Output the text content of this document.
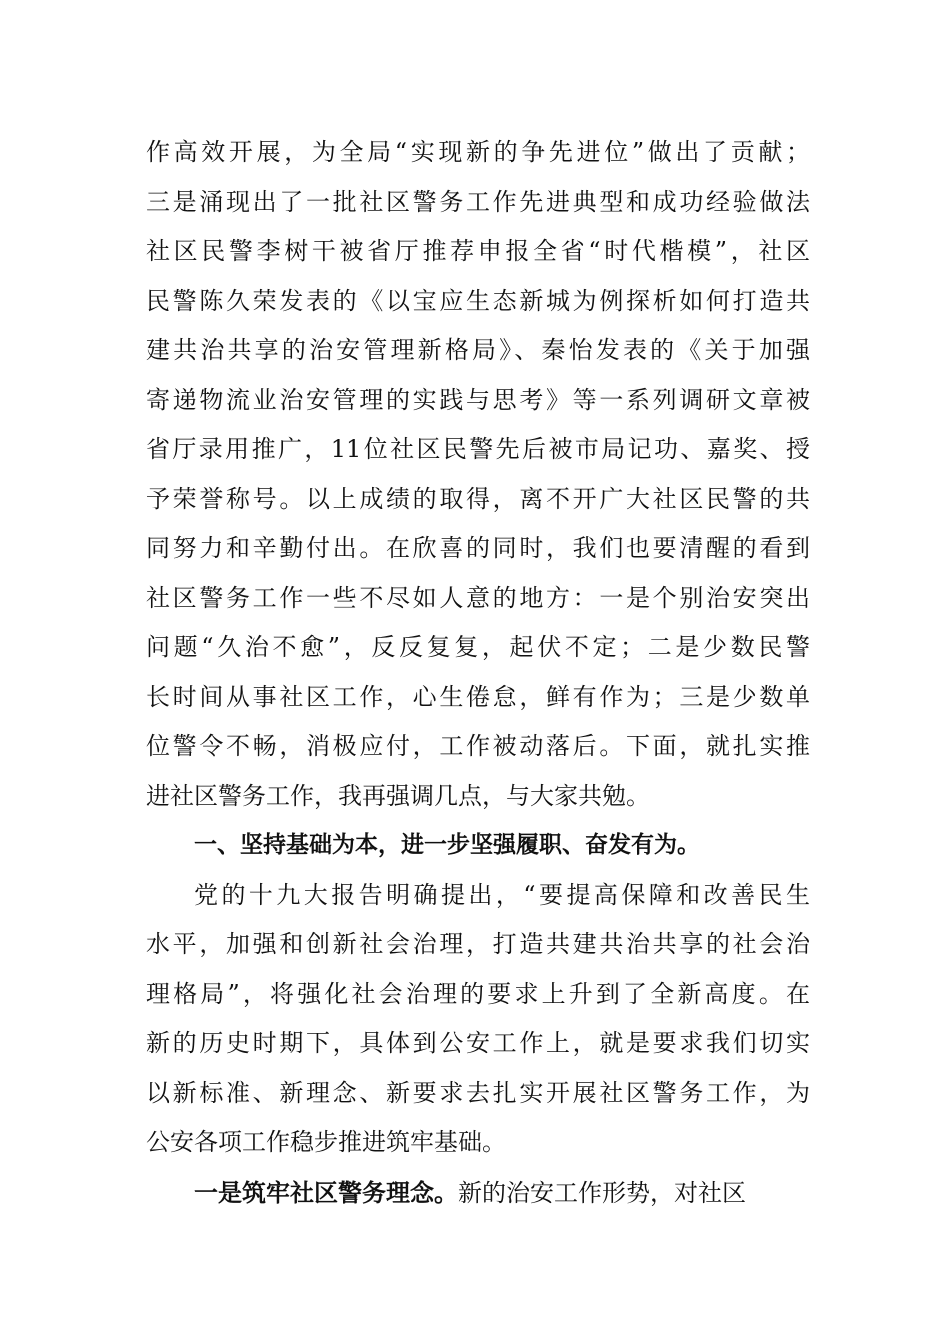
作高效开展，为全局“实现新的争先进位”做出了贡献；
三是涌现出了一批社区警务工作先进典型和成功经验做法
社区民警李树干被省厅推荐申报全省“时代楷模”，社区
民警陈久荣发表的《以宝应生态新城为例探析如何打造共
建共治共享的治安管理新格局》、秦怡发表的《关于加强
寄递物流业治安管理的实践与思考》等一系列调研文章被
省厅录用推广，11位社区民警先后被市局记功、嘉奖、授
予荣誉称号。以上成绩的取得，离不开广大社区民警的共
同努力和辛勤付出。在欣喜的同时，我们也要清醒的看到
社区警务工作一些不尽如人意的地方：一是个别治安突出
问题“久治不愈”，反反复复，起伏不定；二是少数民警
长时间从事社区工作，心生倦怠，鲜有作为；三是少数单
位警令不畅，消极应付，工作被动落后。下面，就扎实推
进社区警务工作，我再强调几点，与大家共勉。
一、坚持基础为本，进一步坚强履职、奋发有为。
党的十九大报告明确提出，“要提高保障和改善民生
水平，加强和创新社会治理，打造共建共治共享的社会治
理格局”，将强化社会治理的要求上升到了全新高度。在
新的历史时期下，具体到公安工作上，就是要求我们切实
以新标准、新理念、新要求去扎实开展社区警务工作，为
公安各项工作稳步推进筑牢基础。
一是筑牢社区警务理念。新的治安工作形势，对社区
